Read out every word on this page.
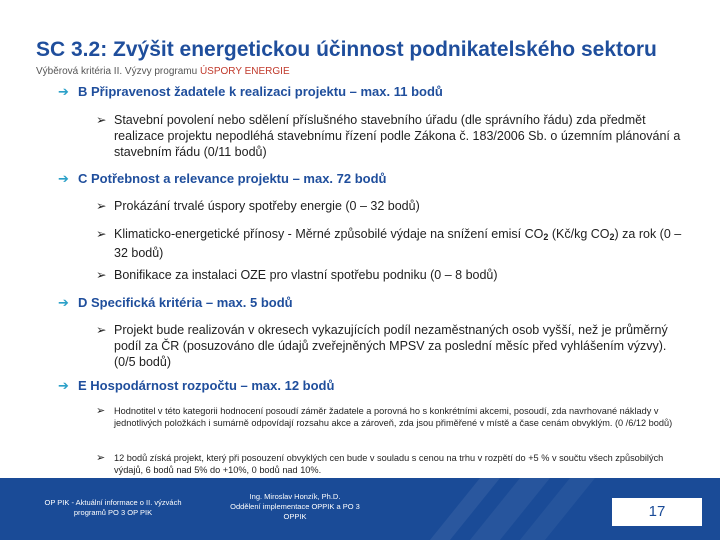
SC 3.2: Zvýšit energetickou účinnost podnikatelského sektoru
Výběrová kritéria II. Výzvy programu ÚSPORY ENERGIE
➔ B Připravenost žadatele k realizaci projektu – max. 11 bodů
➢ Stavební povolení nebo sdělení příslušného stavebního úřadu (dle správního řádu) zda předmět realizace projektu nepodléhá stavebnímu řízení podle Zákona č. 183/2006 Sb. o územním plánování a stavebním řádu (0/11 bodů)
➔ C Potřebnost a relevance projektu – max. 72 bodů
➢ Prokázání trvalé úspory spotřeby energie (0 – 32 bodů)
➢ Klimaticko-energetické přínosy - Měrné způsobilé výdaje na snížení emisí $CO_2$ (Kč/kg $CO_2$) za rok (0 – 32 bodů)
➢ Bonifikace za instalaci OZE pro vlastní spotřebu podniku (0 – 8 bodů)
➔ D Specifická kritéria – max. 5 bodů
➢ Projekt bude realizován v okresech vykazujících podíl nezaměstnaných osob vyšší, než je průměrný podíl za ČR (posuzováno dle údajů zveřejněných MPSV za poslední měsíc před vyhlášením výzvy). (0/5 bodů)
➔ E Hospodárnost rozpočtu – max. 12 bodů
➢ Hodnotitel v této kategorii hodnocení posoudí záměr žadatele a porovná ho s konkrétními akcemi, posoudí, zda navrhované náklady v jednotlivých položkách i sumárně odpovídají rozsahu akce a zároveň, zda jsou přiměřené v místě a čase cenám obvyklým. (0 /6/12 bodů)
➢ 12 bodů získá projekt, který při posouzení obvyklých cen bude v souladu s cenou na trhu v rozpětí do +5 % v součtu všech způsobilých výdajů, 6 bodů nad 5% do +10%, 0 bodů nad 10%.
OP PIK - Aktuální informace o II. výzvách
programů PO 3 OP PIK
Ing. Miroslav Honzík, Ph.D.
Oddělení implementace OPPIK a PO 3
OPPIK	17
